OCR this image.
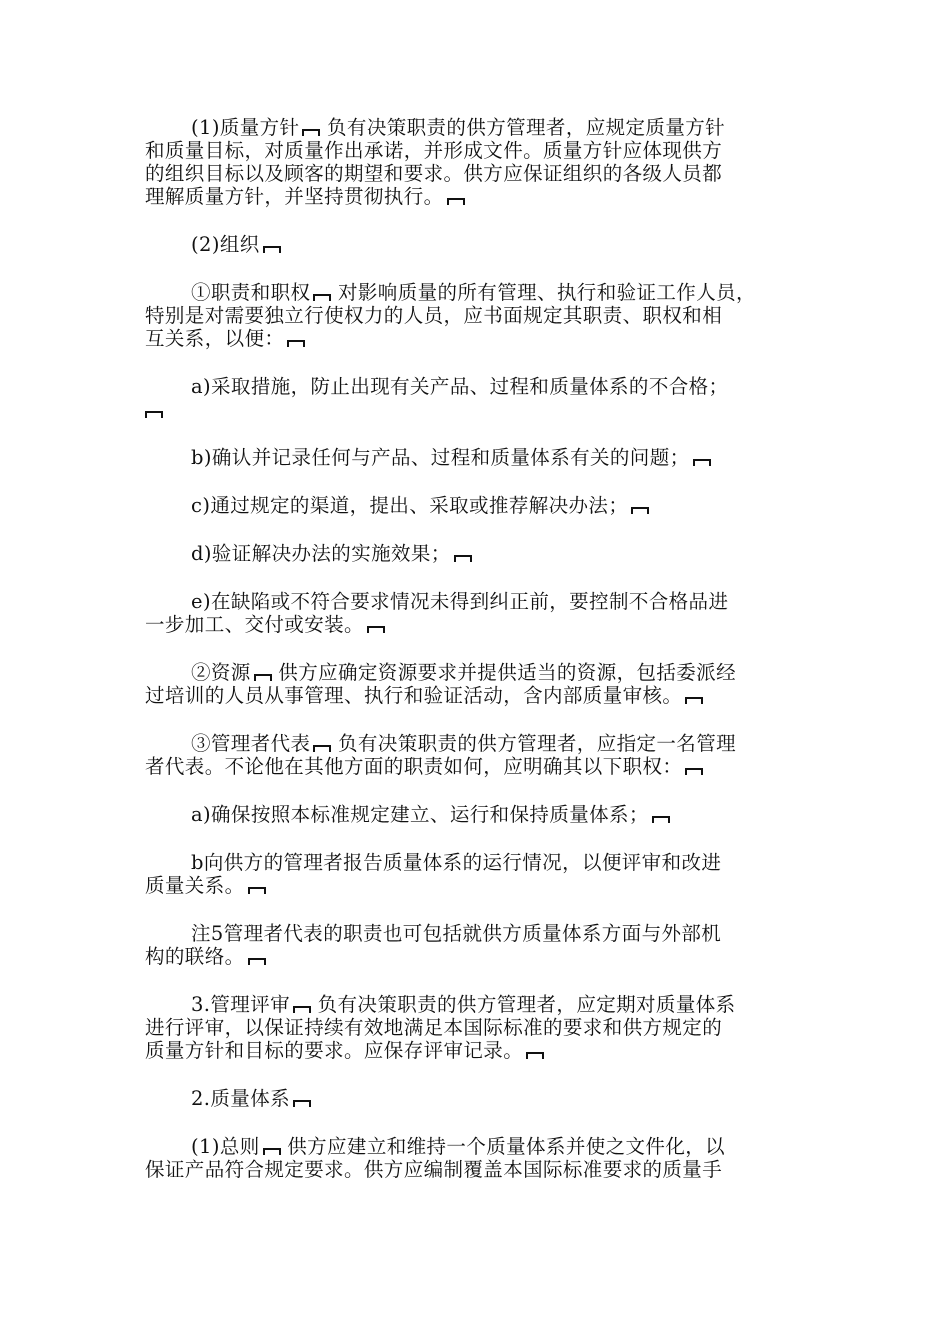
(1)质量方针 负有决策职责的供方管理者，应规定质量方针
和质量目标，对质量作出承诺，并形成文件。质量方针应体现供方
的组织目标以及顾客的期望和要求。供方应保证组织的各级人员都
理解质量方针，并坚持贯彻执行。

(2)组织

①职责和职权 对影响质量的所有管理、执行和验证工作人员，
特别是对需要独立行使权力的人员，应书面规定其职责、职权和相
互关系，以便：

a)采取措施，防止出现有关产品、过程和质量体系的不合格；

b)确认并记录任何与产品、过程和质量体系有关的问题；

c)通过规定的渠道，提出、采取或推荐解决办法；

d)验证解决办法的实施效果；

e)在缺陷或不符合要求情况未得到纠正前，要控制不合格品进
一步加工、交付或安装。

②资源 供方应确定资源要求并提供适当的资源，包括委派经
过培训的人员从事管理、执行和验证活动，含内部质量审核。

③管理者代表 负有决策职责的供方管理者，应指定一名管理
者代表。不论他在其他方面的职责如何，应明确其以下职权：

a)确保按照本标准规定建立、运行和保持质量体系；

b向供方的管理者报告质量体系的运行情况，以便评审和改进
质量关系。

注5管理者代表的职责也可包括就供方质量体系方面与外部机
构的联络。

3.管理评审 负有决策职责的供方管理者，应定期对质量体系
进行评审，以保证持续有效地满足本国际标准的要求和供方规定的
质量方针和目标的要求。应保存评审记录。

2.质量体系

(1)总则 供方应建立和维持一个质量体系并使之文件化，以
保证产品符合规定要求。供方应编制覆盖本国际标准要求的质量手
